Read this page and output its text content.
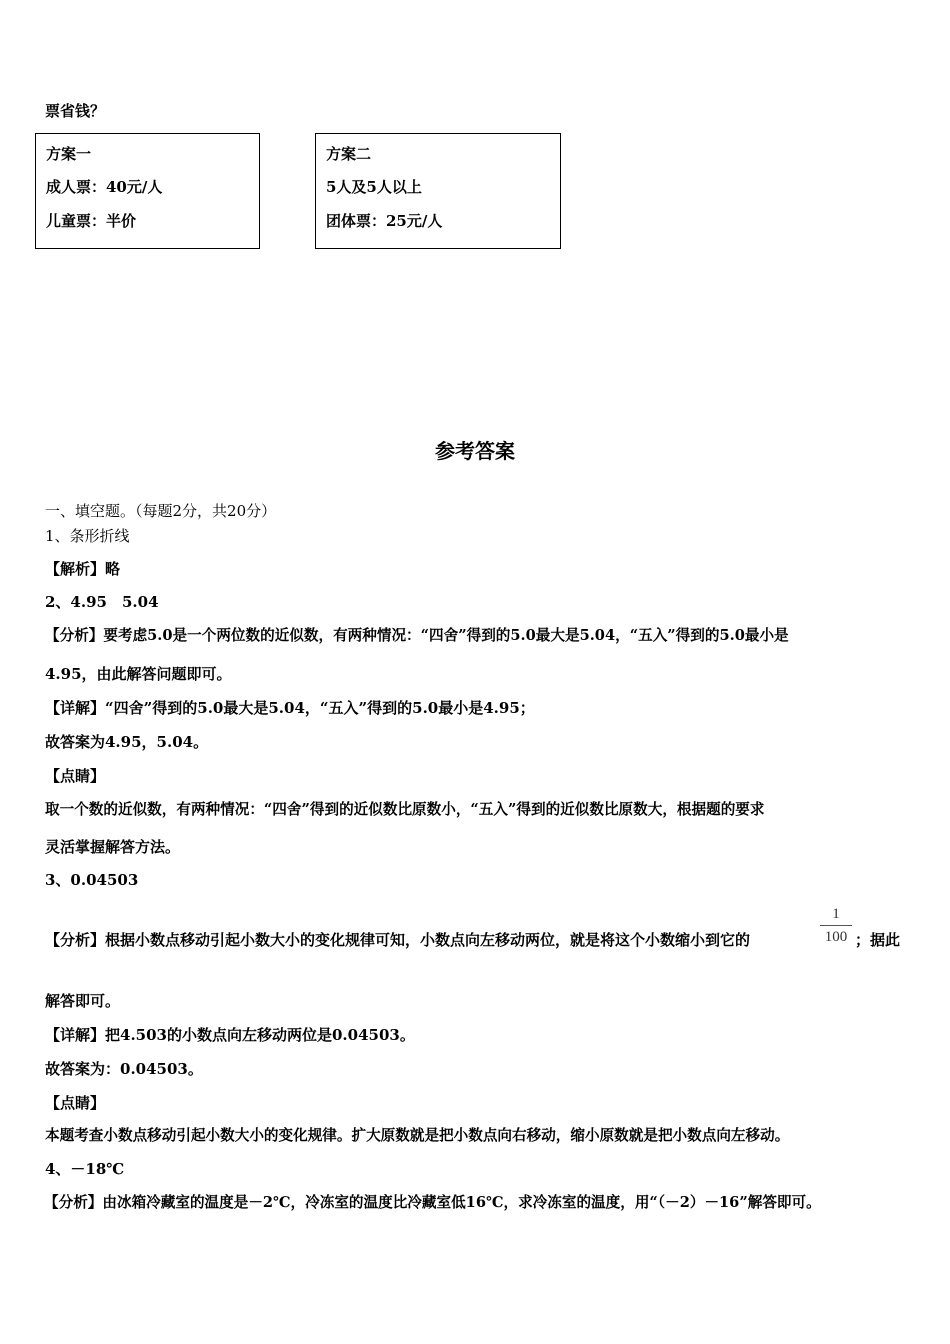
票省钱？
方案一
成人票：40元/人
儿童票：半价
方案二
5人及5人以上
团体票：25元/人
参考答案
一、填空题。（每题2分，共20分）
1、条形折线
【解析】略
2、4.95　5.04
【分析】要考虑5.0是一个两位数的近似数，有两种情况：“四舍”得到的5.0最大是5.04，“五入”得到的5.0最小是
4.95，由此解答问题即可。
【详解】“四舍”得到的5.0最大是5.04，“五入”得到的5.0最小是4.95；
故答案为4.95，5.04。
【点睛】
取一个数的近似数，有两种情况：“四舍”得到的近似数比原数小，“五入”得到的近似数比原数大，根据题的要求
灵活掌握解答方法。
3、0.04503
【分析】根据小数点移动引起小数大小的变化规律可知，小数点向左移动两位，就是将这个小数缩小到它的
1
100 ；据此
解答即可。
【详解】把4.503的小数点向左移动两位是0.04503。
故答案为：0.04503。
【点睛】
本题考查小数点移动引起小数大小的变化规律。扩大原数就是把小数点向右移动，缩小原数就是把小数点向左移动。
4、－18℃
【分析】由冰箱冷藏室的温度是－2℃，冷冻室的温度比冷藏室低16℃，求冷冻室的温度，用“（－2）－16”解答即可。
